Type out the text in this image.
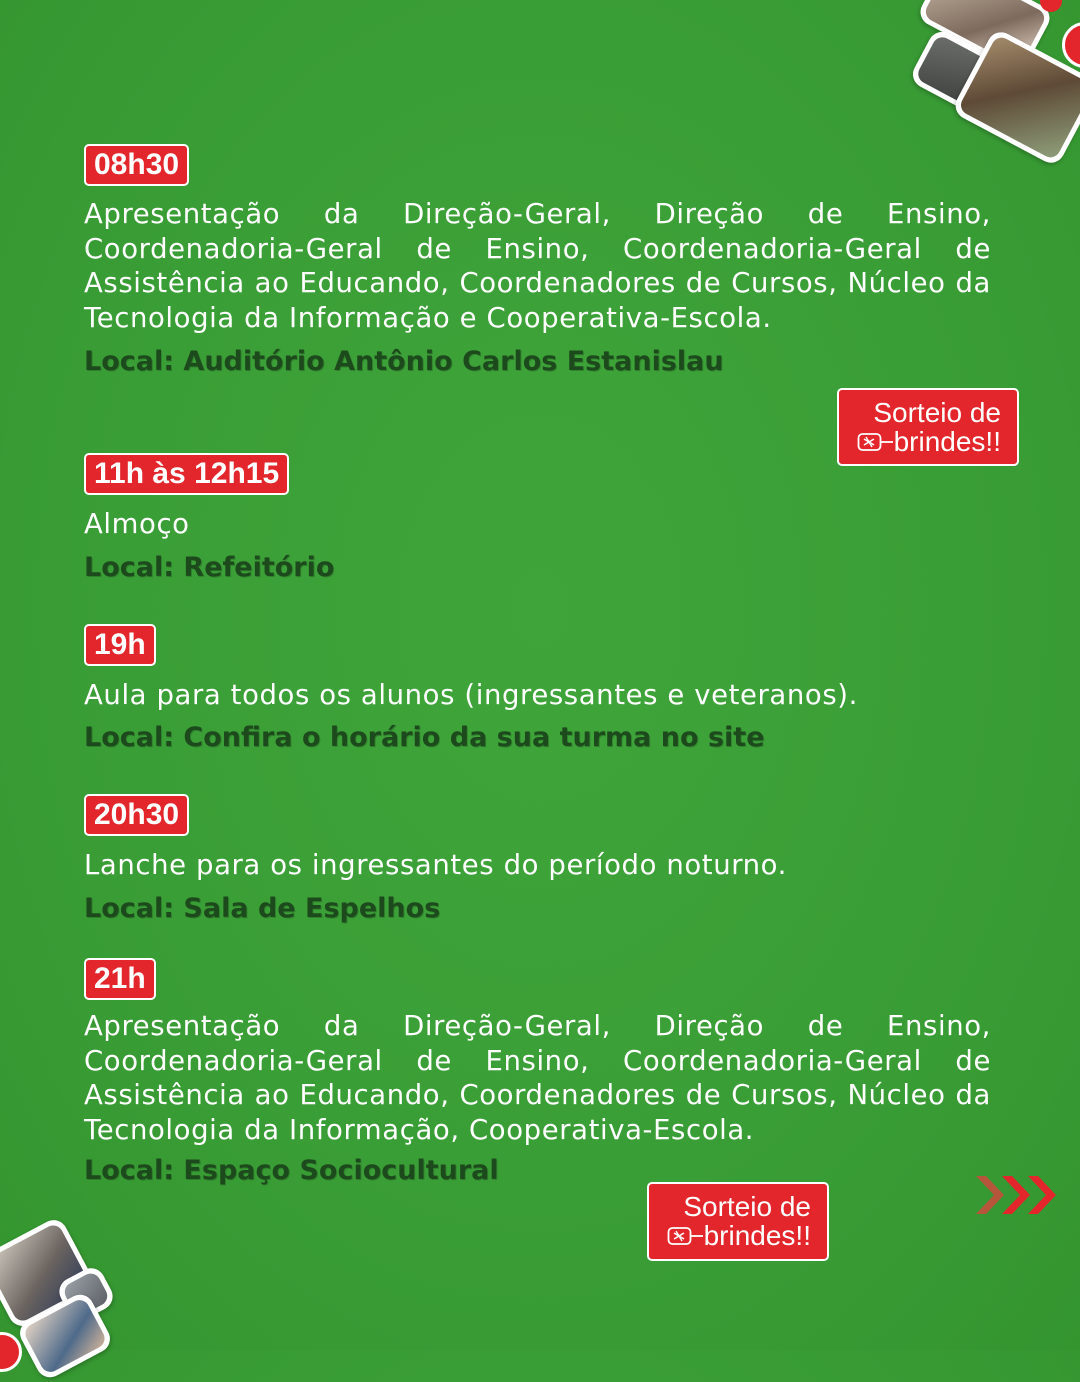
08h30
Apresentação da Direção-Geral, Direção de Ensino, Coordenadoria-Geral de Ensino, Coordenadoria-Geral de Assistência ao Educando, Coordenadores de Cursos, Núcleo da Tecnologia da Informação e Cooperativa-Escola.
Local: Auditório Antônio Carlos Estanislau
Sorteio de
brindes!!
11h às 12h15
Almoço
Local: Refeitório
19h
Aula para todos os alunos (ingressantes e veteranos).
Local: Confira o horário da sua turma no site
20h30
Lanche para os ingressantes do período noturno.
Local: Sala de Espelhos
21h
Apresentação da Direção-Geral, Direção de Ensino, Coordenadoria-Geral de Ensino, Coordenadoria-Geral de Assistência ao Educando, Coordenadores de Cursos, Núcleo da Tecnologia da Informação, Cooperativa-Escola.
Local: Espaço Sociocultural
Sorteio de
brindes!!
